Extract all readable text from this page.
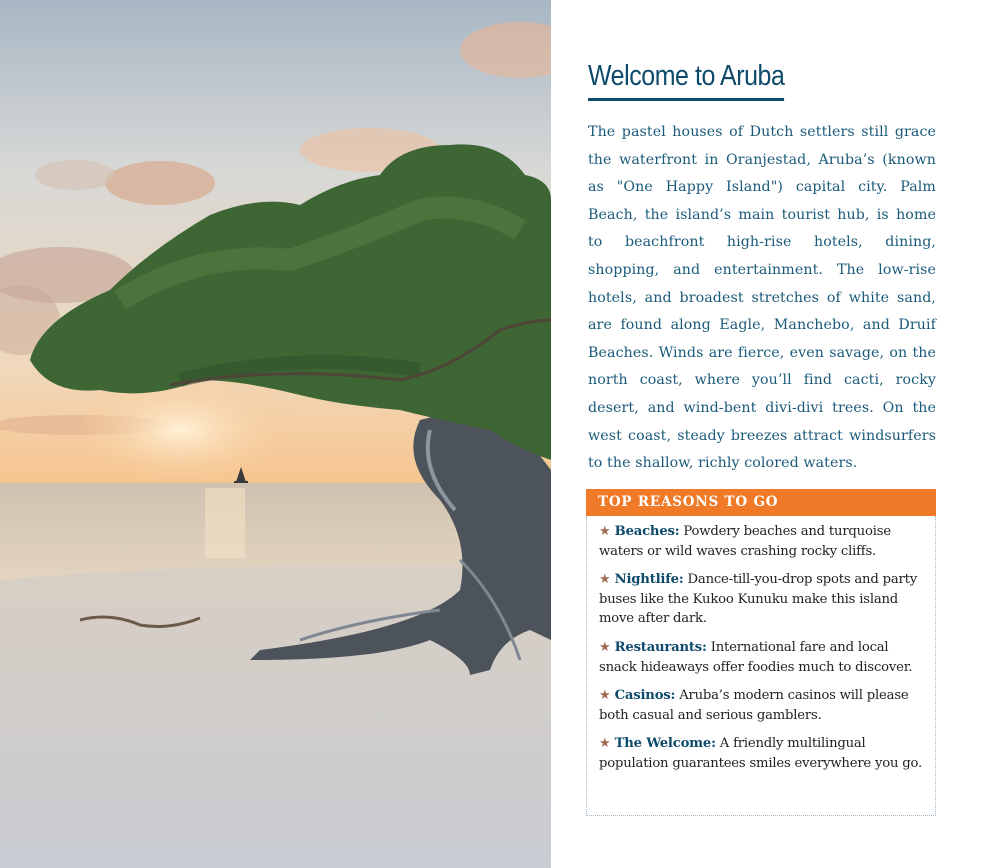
Welcome to Aruba

The pastel houses of Dutch settlers still grace the waterfront in Oranjestad, Aruba’s (known as "One Happy Island") capital city. Palm Beach, the island’s main tourist hub, is home to beachfront high-rise hotels, dining, shopping, and entertainment. The low-rise hotels, and broadest stretches of white sand, are found along Eagle, Manchebo, and Druif Beaches. Winds are fierce, even savage, on the north coast, where you’ll find cacti, rocky desert, and wind-bent divi-divi trees. On the west coast, steady breezes attract windsurfers to the shallow, richly colored waters.

TOP REASONS TO GO

★ Beaches: Powdery beaches and turquoise waters or wild waves crashing rocky cliffs.

★ Nightlife: Dance-till-you-drop spots and party buses like the Kukoo Kunuku make this island move after dark.

★ Restaurants: International fare and local snack hideaways offer foodies much to discover.

★ Casinos: Aruba’s modern casinos will please both casual and serious gamblers.

★ The Welcome: A friendly multilingual population guarantees smiles everywhere you go.
